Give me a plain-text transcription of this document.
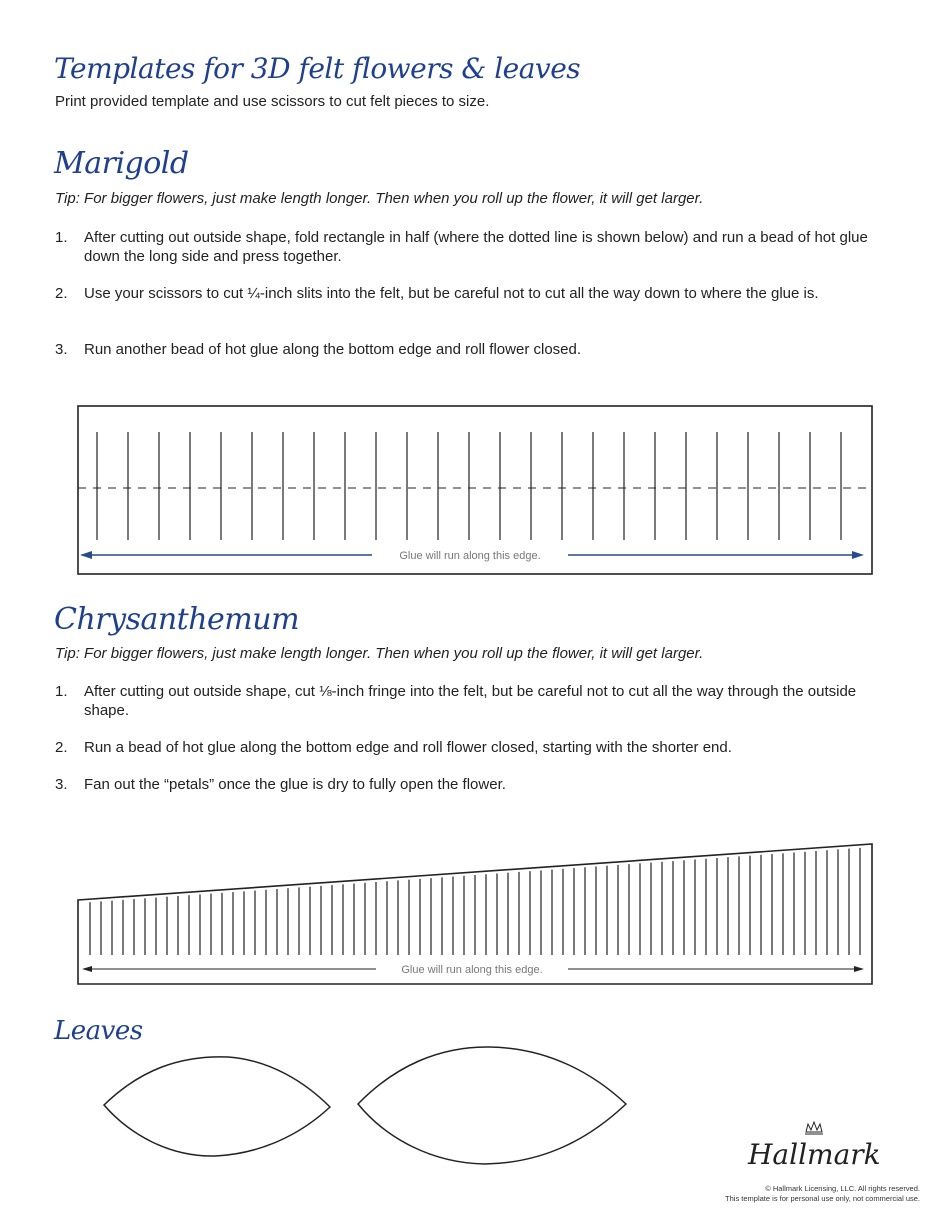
Templates for 3D felt flowers & leaves

Print provided template and use scissors to cut felt pieces to size.

Marigold

Tip: For bigger flowers, just make length longer. Then when you roll up the flower, it will get larger.

1. After cutting out outside shape, fold rectangle in half (where the dotted line is shown below) and run a bead of hot glue down the long side and press together.
2. Use your scissors to cut ¼-inch slits into the felt, but be careful not to cut all the way down to where the glue is.
3. Run another bead of hot glue along the bottom edge and roll flower closed.
Glue will run along this edge.
Chrysanthemum

Tip: For bigger flowers, just make length longer. Then when you roll up the flower, it will get larger.

1. After cutting out outside shape, cut ⅛-inch fringe into the felt, but be careful not to cut all the way through the outside shape.
2. Run a bead of hot glue along the bottom edge and roll flower closed, starting with the shorter end.
3. Fan out the “petals” once the glue is dry to fully open the flower.
Glue will run along this edge.
Leaves
Hallmark
© Hallmark Licensing, LLC. All rights reserved.
This template is for personal use only, not commercial use.
